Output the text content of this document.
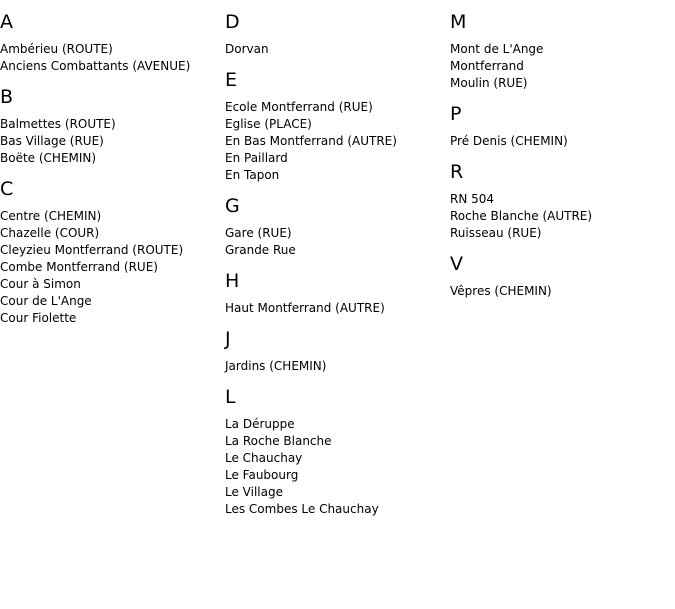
A
Ambérieu (ROUTE)
Anciens Combattants (AVENUE)
B
Balmettes (ROUTE)
Bas Village (RUE)
Boëte (CHEMIN)
C
Centre (CHEMIN)
Chazelle (COUR)
Cleyzieu Montferrand (ROUTE)
Combe Montferrand (RUE)
Cour à Simon
Cour de L'Ange
Cour Fiolette
D
Dorvan
E
Ecole Montferrand (RUE)
Eglise (PLACE)
En Bas Montferrand (AUTRE)
En Paillard
En Tapon
G
Gare (RUE)
Grande Rue
H
Haut Montferrand (AUTRE)
J
Jardins (CHEMIN)
L
La Déruppe
La Roche Blanche
Le Chauchay
Le Faubourg
Le Village
Les Combes Le Chauchay
M
Mont de L'Ange
Montferrand
Moulin (RUE)
P
Pré Denis (CHEMIN)
R
RN 504
Roche Blanche (AUTRE)
Ruisseau (RUE)
V
Vêpres (CHEMIN)
